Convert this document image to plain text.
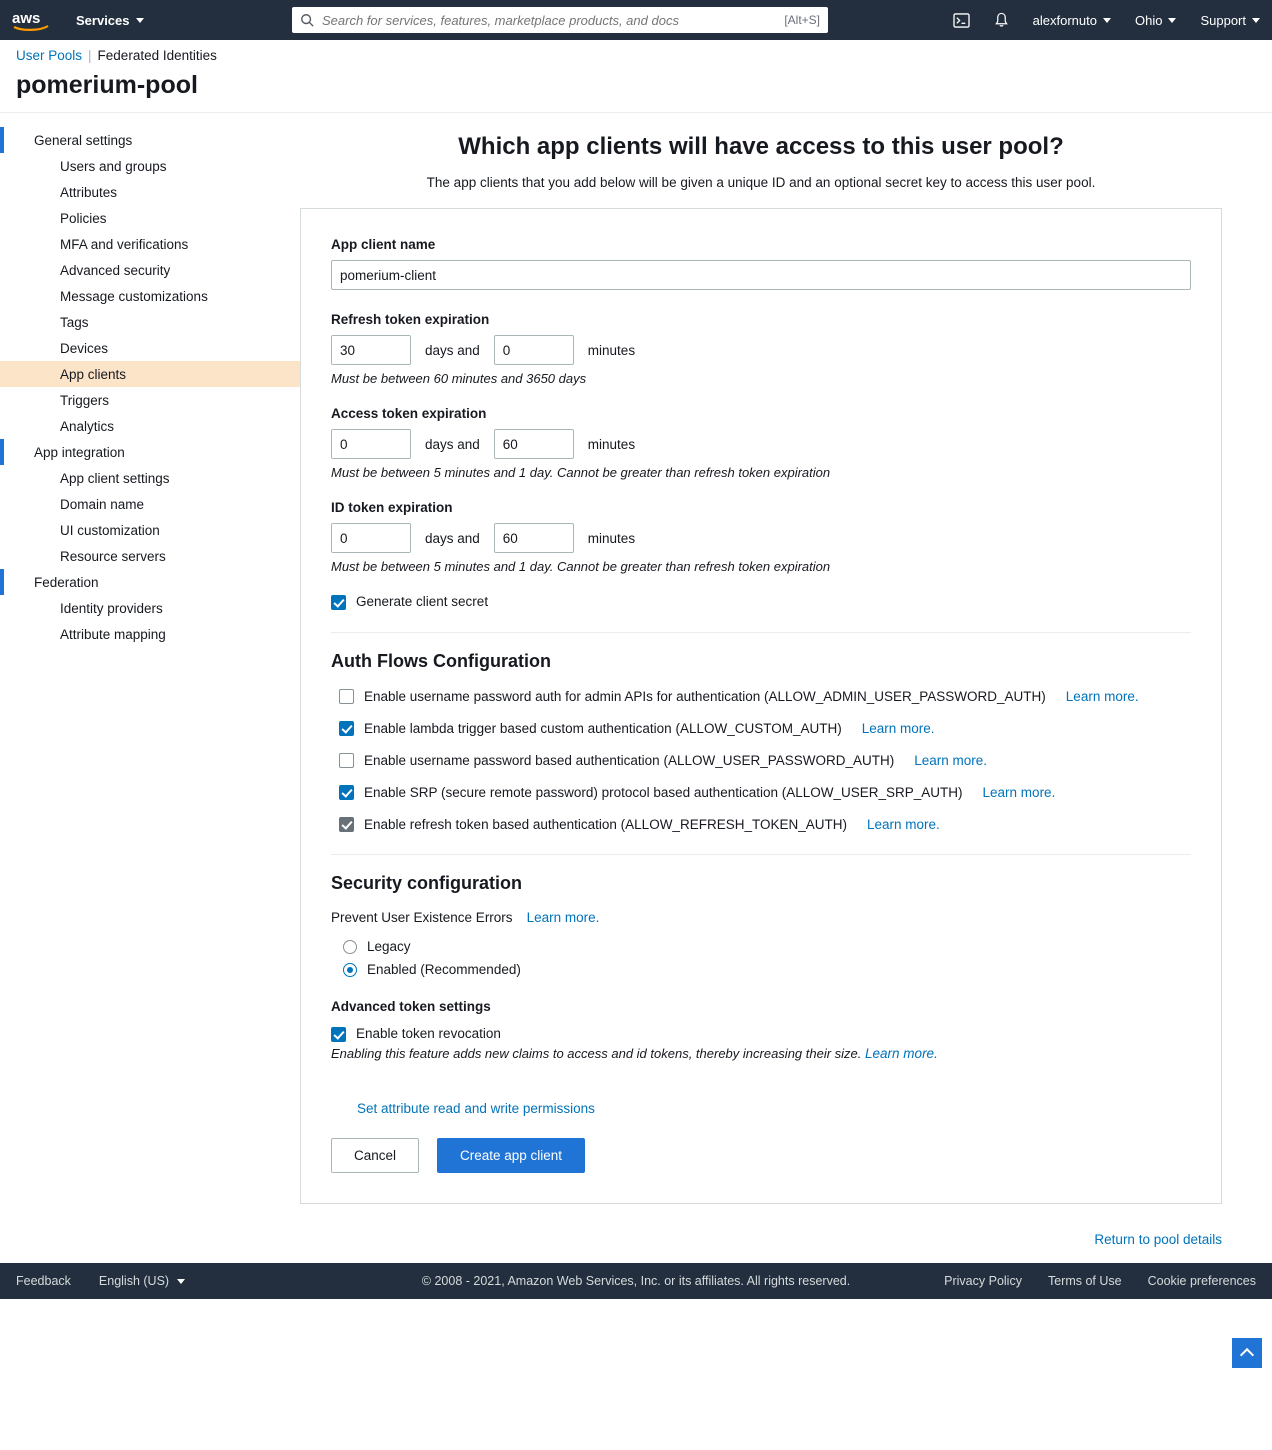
aws	Services
Search for services, features, marketplace products, and docs	[Alt+S]	alexfornuto	Ohio	Support
User Pools | Federated Identities
pomerium-pool
General settings
Users and groups
Attributes
Policies
MFA and verifications
Advanced security
Message customizations
Tags
Devices
App clients
Triggers
Analytics
App integration
App client settings
Domain name
UI customization
Resource servers
Federation
Identity providers
Attribute mapping
Which app clients will have access to this user pool?
The app clients that you add below will be given a unique ID and an optional secret key to access this user pool.
App client name
pomerium-client
Refresh token expiration
30
days and
0	minutes
Must be between 60 minutes and 3650 days
Access token expiration
0
days and
60	minutes
Must be between 5 minutes and 1 day. Cannot be greater than refresh token expiration
ID token expiration
0
days and
60	minutes
Must be between 5 minutes and 1 day. Cannot be greater than refresh token expiration
Generate client secret
Auth Flows Configuration
Enable username password auth for admin APIs for authentication (ALLOW_ADMIN_USER_PASSWORD_AUTH) Learn more.
Enable lambda trigger based custom authentication (ALLOW_CUSTOM_AUTH) Learn more.
Enable username password based authentication (ALLOW_USER_PASSWORD_AUTH) Learn more.
Enable SRP (secure remote password) protocol based authentication (ALLOW_USER_SRP_AUTH) Learn more.
Enable refresh token based authentication (ALLOW_REFRESH_TOKEN_AUTH) Learn more.
Security configuration
Prevent User Existence Errors Learn more.
Legacy
Enabled (Recommended)
Advanced token settings
Enable token revocation
Enabling this feature adds new claims to access and id tokens, thereby increasing their size. Learn more.
Set attribute read and write permissions
Cancel	Create app client
Return to pool details
Feedback English (US)	© 2008 - 2021, Amazon Web Services, Inc. or its affiliates. All rights reserved.	Privacy Policy Terms of Use Cookie preferences
